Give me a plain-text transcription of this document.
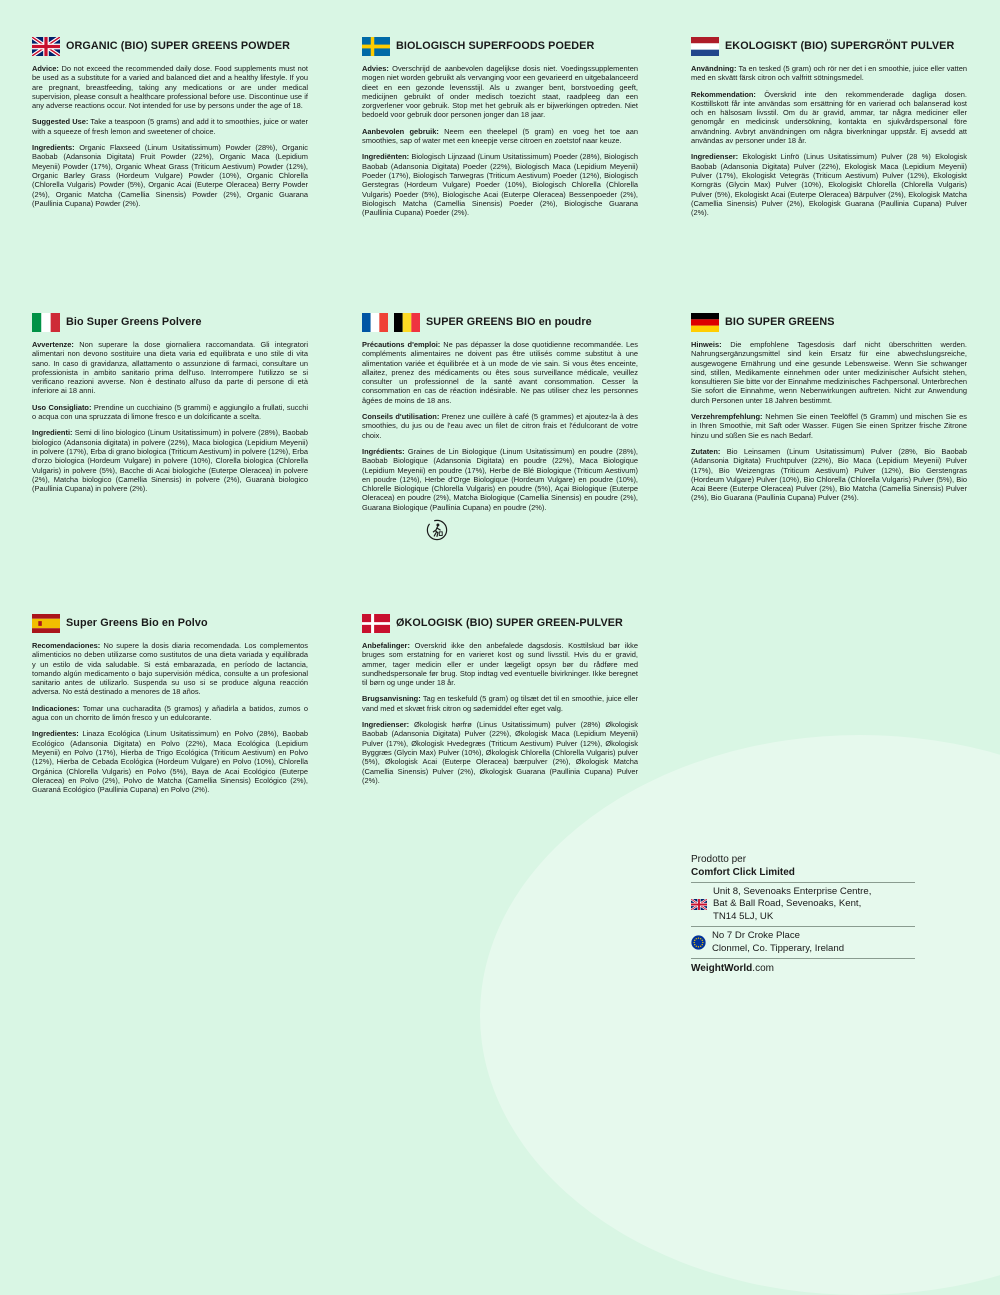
ORGANIC (BIO) SUPER GREENS POWDER

Advice: Do not exceed the recommended daily dose. Food supplements must not be used as a substitute for a varied and balanced diet and a healthy lifestyle. If you are pregnant, breastfeeding, taking any medications or are under medical supervision, please consult a healthcare professional before use. Discontinue use if any adverse reactions occur. Not intended for use by persons under the age of 18.

Suggested Use: Take a teaspoon (5 grams) and add it to smoothies, juice or water with a squeeze of fresh lemon and sweetener of choice.

Ingredients: Organic Flaxseed (Linum Usitatissimum) Powder (28%), Organic Baobab (Adansonia Digitata) Fruit Powder (22%), Organic Maca (Lepidium Meyenii) Powder (17%), Organic Wheat Grass (Triticum Aestivum) Powder (12%), Organic Barley Grass (Hordeum Vulgare) Powder (10%), Organic Chlorella (Chlorella Vulgaris) Powder (5%), Organic Acai (Euterpe Oleracea) Berry Powder (2%), Organic Matcha (Camellia Sinensis) Powder (2%), Organic Guarana (Paullinia Cupana) Powder (2%).

BIOLOGISCH SUPERFOODS POEDER

Advies: Overschrijd de aanbevolen dagelijkse dosis niet. Voedingssupplementen mogen niet worden gebruikt als vervanging voor een gevarieerd en uitgebalanceerd dieet en een gezonde levensstijl. Als u zwanger bent, borstvoeding geeft, medicijnen gebruikt of onder medisch toezicht staat, raadpleeg dan een zorgverlener voor gebruik. Stop met het gebruik als er bijwerkingen optreden. Niet bedoeld voor gebruik door personen jonger dan 18 jaar.

Aanbevolen gebruik: Neem een theelepel (5 gram) en voeg het toe aan smoothies, sap of water met een kneepje verse citroen en zoetstof naar keuze.

Ingrediënten: Biologisch Lijnzaad (Linum Usitatissimum) Poeder (28%), Biologisch Baobab (Adansonia Digitata) Poeder (22%), Biologisch Maca (Lepidium Meyenii) Poeder (17%), Biologisch Tarwegras (Triticum Aestivum) Poeder (12%), Biologisch Gerstegras (Hordeum Vulgare) Poeder (10%), Biologisch Chlorella (Chlorella Vulgaris) Poeder (5%), Biologische Acai (Euterpe Oleracea) Bessenpoeder (2%), Biologisch Matcha (Camellia Sinensis) Poeder (2%), Biologische Guarana (Paullinia Cupana) Poeder (2%).

EKOLOGISKT (BIO) SUPERGRÖNT PULVER

Användning: Ta en tesked (5 gram) och rör ner det i en smoothie, juice eller vatten med en skvätt färsk citron och valfritt sötningsmedel.

Rekommendation: Överskrid inte den rekommenderade dagliga dosen. Kosttillskott får inte användas som ersättning för en varierad och balanserad kost och en hälsosam livsstil. Om du är gravid, ammar, tar några mediciner eller genomgår en medicinsk undersökning, kontakta en sjukvårdspersonal före användning. Avbryt användningen om några biverkningar uppstår. Ej avsedd att användas av personer under 18 år.

Ingredienser: Ekologiskt Linfrö (Linus Usitatissimum) Pulver (28 %) Ekologisk Baobab (Adansonia Digitata) Pulver (22%), Ekologisk Maca (Lepidium Meyenii) Pulver (17%), Ekologiskt Vetegräs (Triticum Aestivum) Pulver (12%), Ekologiskt Korngräs (Glycin Max) Pulver (10%), Ekologiskt Chlorella (Chlorella Vulgaris) Pulver (5%), Ekologiskt Acai (Euterpe Oleracea) Bärpulver (2%), Ekologisk Matcha (Camellia Sinensis) Pulver (2%), Ekologisk Guarana (Paullinia Cupana) Pulver (2%).

Bio Super Greens Polvere

Avvertenze: Non superare la dose giornaliera raccomandata. Gli integratori alimentari non devono sostituire una dieta varia ed equilibrata e uno stile di vita sano. In caso di gravidanza, allattamento o assunzione di farmaci, consultare un professionista in ambito sanitario prima dell'uso. Interrompere l'utilizzo se si verificano reazioni avverse. Non è destinato all'uso da parte di persone di età inferiore ai 18 anni.

Uso Consigliato: Prendine un cucchiaino (5 grammi) e aggiungilo a frullati, succhi o acqua con una spruzzata di limone fresco e un dolcificante a scelta.

Ingredienti: Semi di lino biologico (Linum Usitatissimum) in polvere (28%), Baobab biologico (Adansonia digitata) in polvere (22%), Maca biologica (Lepidium Meyenii) in polvere (17%), Erba di grano biologica (Triticum Aestivum) in polvere (12%), Erba d'orzo biologica (Hordeum Vulgare) in polvere (10%), Clorella biologica (Chlorella Vulgaris) in polvere (5%), Bacche di Acai biologiche (Euterpe Oleracea) in polvere (2%), Matcha biologico (Camellia Sinensis) in polvere (2%), Guaranà biologico (Paullinia Cupana) in polvere (2%).

SUPER GREENS BIO en poudre

Précautions d'emploi: Ne pas dépasser la dose quotidienne recommandée. Les compléments alimentaires ne doivent pas être utilisés comme substitut à une alimentation variée et équilibrée et à un mode de vie sain. Si vous êtes enceinte, allaitez, prenez des médicaments ou êtes sous surveillance médicale, veuillez consulter un professionnel de la santé avant consommation. Cesser la consommation en cas de réaction indésirable. Ne pas utiliser chez les personnes âgées de moins de 18 ans.

Conseils d'utilisation: Prenez une cuillère à café (5 grammes) et ajoutez-la à des smoothies, du jus ou de l'eau avec un filet de citron frais et l'édulcorant de votre choix.

Ingrédients: Graines de Lin Biologique (Linum Usitatissimum) en poudre (28%), Baobab Biologique (Adansonia Digitata) en poudre (22%), Maca Biologique (Lepidium Meyenii) en poudre (17%), Herbe de Blé Biologique (Triticum Aestivum) en poudre (12%), Herbe d'Orge Biologique (Hordeum Vulgare) en poudre (10%), Chlorelle Biologique (Chlorella Vulgaris) en poudre (5%), Açai Biologique (Euterpe Oleracea) en poudre (2%), Matcha Biologique (Camellia Sinensis) en poudre (2%), Guarana Biologique (Paullinia Cupana) en poudre (2%).

BIO SUPER GREENS

Hinweis: Die empfohlene Tagesdosis darf nicht überschritten werden. Nahrungsergänzungsmittel sind kein Ersatz für eine abwechslungsreiche, ausgewogene Ernährung und eine gesunde Lebensweise. Wenn Sie schwanger sind, stillen, Medikamente einnehmen oder unter medizinischer Aufsicht stehen, konsultieren Sie bitte vor der Einnahme medizinisches Fachpersonal. Unterbrechen Sie sofort die Einnahme, wenn Nebenwirkungen auftreten. Nicht zur Anwendung durch Personen unter 18 Jahren bestimmt.

Verzehrempfehlung: Nehmen Sie einen Teelöffel (5 Gramm) und mischen Sie es in Ihren Smoothie, mit Saft oder Wasser. Fügen Sie einen Spritzer frische Zitrone hinzu und süßen Sie es nach Bedarf.

Zutaten: Bio Leinsamen (Linum Usitatissimum) Pulver (28%, Bio Baobab (Adansonia Digitata) Fruchtpulver (22%), Bio Maca (Lepidium Meyenii) Pulver (17%), Bio Weizengras (Triticum Aestivum) Pulver (12%), Bio Gerstengras (Hordeum Vulgare) Pulver (10%), Bio Chlorella (Chlorella Vulgaris) Pulver (5%), Bio Acai Beere (Euterpe Oleracea) Pulver (2%), Bio Matcha (Camellia Sinensis) Pulver (2%), Bio Guarana (Paullinia Cupana) Pulver (2%).

Super Greens Bio en Polvo

Recomendaciones: No supere la dosis diaria recomendada. Los complementos alimenticios no deben utilizarse como sustitutos de una dieta variada y equilibrada y un estilo de vida saludable. Si está embarazada, en período de lactancia, tomando algún medicamento o bajo supervisión médica, consulte a un profesional sanitario antes de utilizarlo. Suspenda su uso si se produce alguna reacción adversa. No está destinado a menores de 18 años.

Indicaciones: Tomar una cucharadita (5 gramos) y añadirla a batidos, zumos o agua con un chorrito de limón fresco y un edulcorante.

Ingredientes: Linaza Ecológica (Linum Usitatissimum) en Polvo (28%), Baobab Ecológico (Adansonia Digitata) en Polvo (22%), Maca Ecológica (Lepidium Meyenii) en Polvo (17%), Hierba de Trigo Ecológica (Triticum Aestivum) en Polvo (12%), Hierba de Cebada Ecológica (Hordeum Vulgare) en Polvo (10%), Chlorella Orgánica (Chlorella Vulgaris) en Polvo (5%), Baya de Acai Ecológico (Euterpe Oleracea) en Polvo (2%), Polvo de Matcha (Camellia Sinensis) Ecológico (2%), Guaraná Ecológico (Paullinia Cupana) en Polvo (2%).

ØKOLOGISK (BIO) SUPER GREEN-PULVER

Anbefalinger: Overskrid ikke den anbefalede dagsdosis. Kosttilskud bør ikke bruges som erstatning for en varieret kost og sund livsstil. Hvis du er gravid, ammer, tager medicin eller er under lægeligt opsyn bør du rådføre med sundhedspersonale før brug. Stop indtag ved eventuelle bivirkninger. Ikke beregnet til børn og unge under 18 år.

Brugsanvisning: Tag en teskefuld (5 gram) og tilsæt det til en smoothie, juice eller vand med et skvæt frisk citron og sødemiddel efter eget valg.

Ingredienser: Økologisk hørfrø (Linus Usitatissimum) pulver (28%) Økologisk Baobab (Adansonia Digitata) Pulver (22%), Økologisk Maca (Lepidium Meyenii) Pulver (17%), Økologisk Hvedegræs (Triticum Aestivum) Pulver (12%), Økologisk Byggræs (Glycin Max) Pulver (10%), Økologisk Chlorella (Chlorella Vulgaris) pulver (5%), Økologisk Acai (Euterpe Oleracea) bærpulver (2%), Økologisk Matcha (Camellia Sinensis) Pulver (2%), Økologisk Guarana (Paullinia Cupana) Pulver (2%).

Prodotto per
Comfort Click Limited
Unit 8, Sevenoaks Enterprise Centre,
Bat & Ball Road, Sevenoaks, Kent,
TN14 5LJ, UK
No 7 Dr Croke Place
Clonmel, Co. Tipperary, Ireland
WeightWorld.com
